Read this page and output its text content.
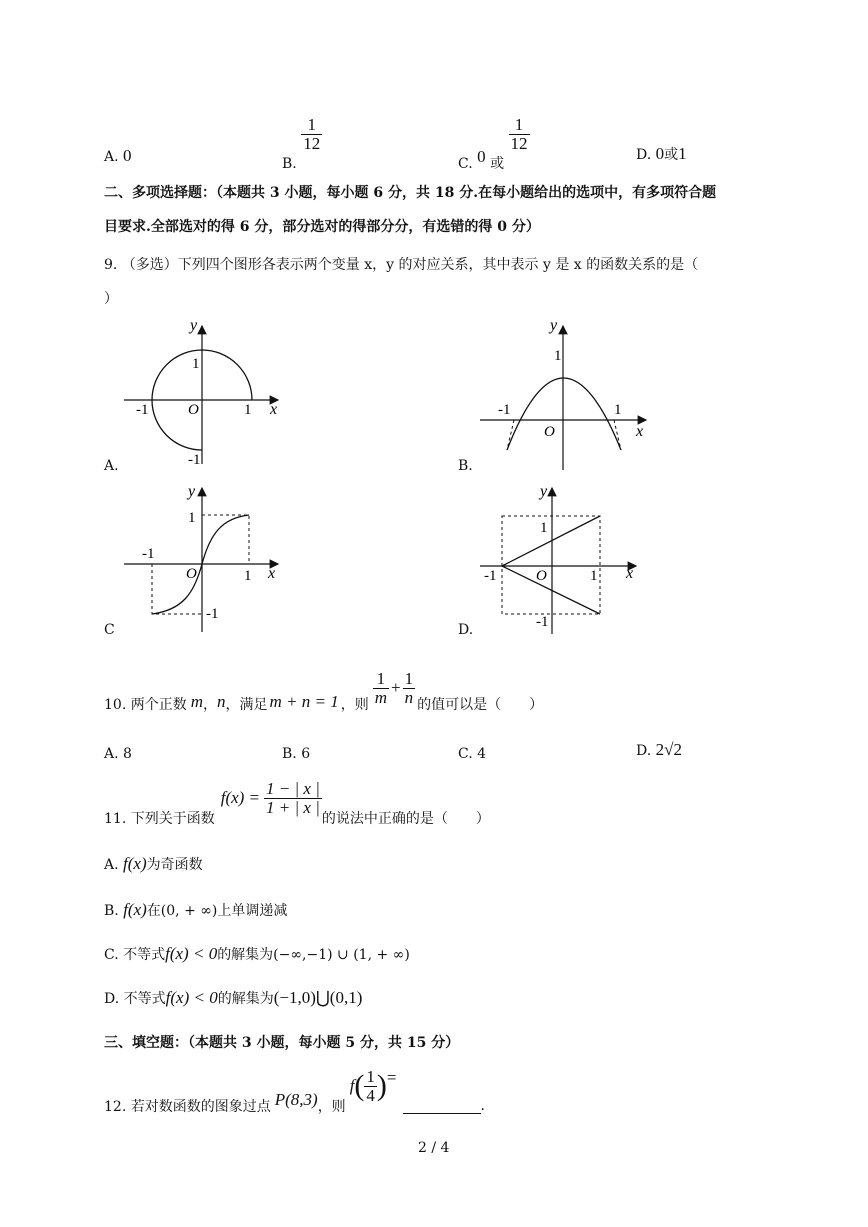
A. 0	B.
$\frac{1}{12}$
C. 0 或
$\frac{1}{12}$
D. 0或1
二、多项选择题：（本题共 3 小题，每小题 6 分，共 18 分.在每小题给出的选项中，有多项符合题
目要求.全部选对的得 6 分，部分选对的得部分分，有选错的得 0 分）
9. （多选）下列四个图形各表示两个变量 x，y 的对应关系，其中表示 y 是 x 的函数关系的是（
）
y
x
O
1
1
-1
-1
A.
y
x
O
1
1
-1
B.
y
x
O
1
1
-1
-1
C
y
x
O
1
1
-1
-1
D.
10. 两个正数 m ， n ，满足 m + n = 1 ，则 $\frac{1}{m} + \frac{1}{n}$ 的值可以是（　　）
A. 8	B. 6	C. 4	D. 2√2
11. 下列关于函数
$f(x) = \frac{1 - | x |}{1 + | x |}$
的说法中正确的是（　　）
A. f(x)为奇函数
B. f(x)在(0, + ∞)上单调递减
C. 不等式f(x) < 0的解集为(−∞,−1) ∪ (1, + ∞)
D. 不等式f(x) < 0的解集为(−1,0)⋃(0,1)
三、填空题：（本题共 3 小题，每小题 5 分，共 15 分）
12. 若对数函数的图象过点 P(8,3) ，则
f ( $\frac{1}{4}$ ) =
.
2 / 4
